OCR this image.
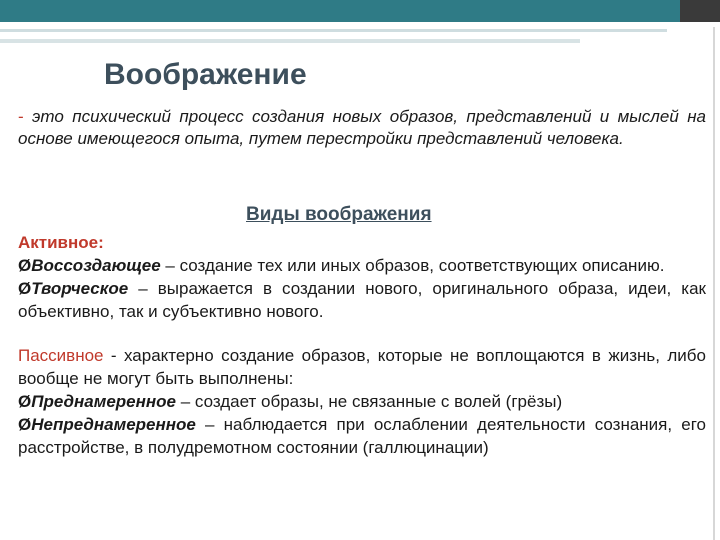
Воображение
- это психический процесс создания новых образов, представлений и мыслей на основе имеющегося опыта, путем перестройки представлений человека.
Виды воображения

Активное:

ØВоссоздающее – создание тех или иных образов, соответствующих описанию.

ØТворческое – выражается в создании нового, оригинального образа, идеи, как объективно, так и субъективно нового.

Пассивное - характерно создание образов, которые не воплощаются в жизнь, либо вообще не могут быть выполнены:

ØПреднамеренное – создает образы, не связанные с волей (грёзы)

ØНепреднамеренное – наблюдается при ослаблении деятельности сознания, его расстройстве, в полудремотном состоянии (галлюцинации)
